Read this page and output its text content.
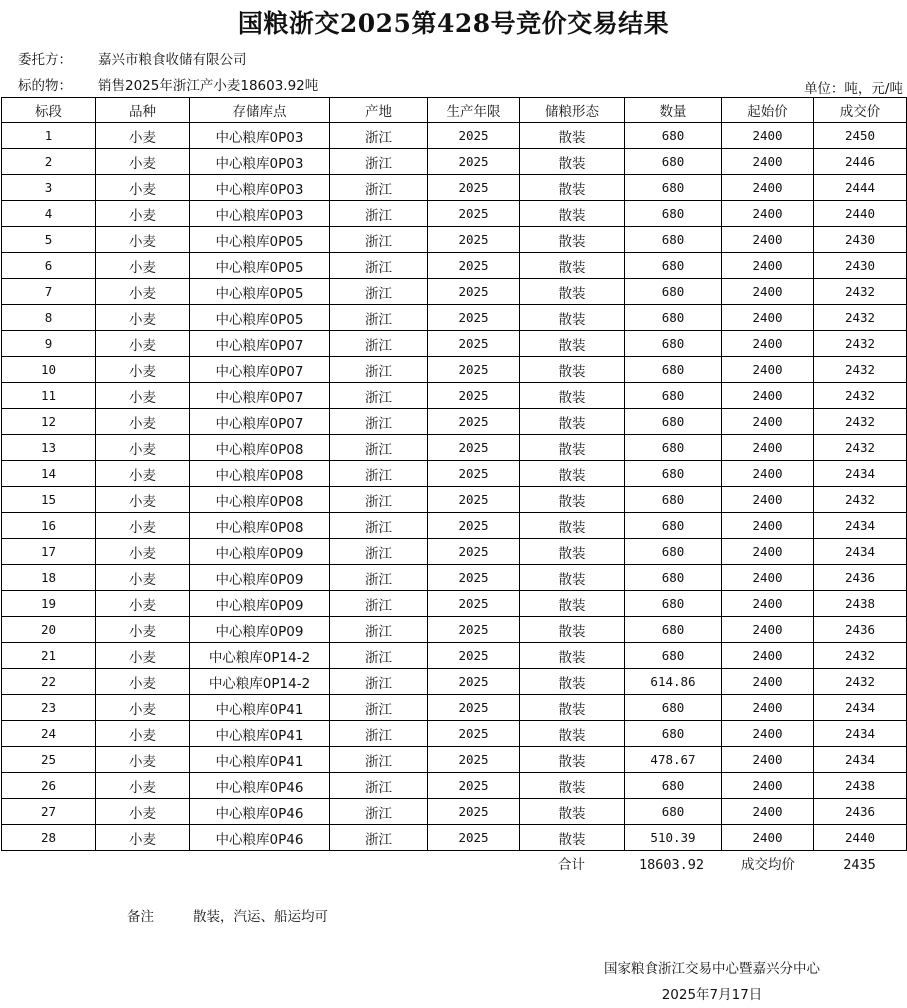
国粮浙交2025第428号竞价交易结果
委托方： 嘉兴市粮食收储有限公司
标的物： 销售2025年浙江产小麦18603.92吨	单位：吨，元/吨
标段	品种	存储库点	产地	生产年限	储粮形态	数量	起始价	成交价
1	小麦	中心粮库0P03	浙江	2025	散装	680	2400	2450
2	小麦	中心粮库0P03	浙江	2025	散装	680	2400	2446
3	小麦	中心粮库0P03	浙江	2025	散装	680	2400	2444
4	小麦	中心粮库0P03	浙江	2025	散装	680	2400	2440
5	小麦	中心粮库0P05	浙江	2025	散装	680	2400	2430
6	小麦	中心粮库0P05	浙江	2025	散装	680	2400	2430
7	小麦	中心粮库0P05	浙江	2025	散装	680	2400	2432
8	小麦	中心粮库0P05	浙江	2025	散装	680	2400	2432
9	小麦	中心粮库0P07	浙江	2025	散装	680	2400	2432
10	小麦	中心粮库0P07	浙江	2025	散装	680	2400	2432
11	小麦	中心粮库0P07	浙江	2025	散装	680	2400	2432
12	小麦	中心粮库0P07	浙江	2025	散装	680	2400	2432
13	小麦	中心粮库0P08	浙江	2025	散装	680	2400	2432
14	小麦	中心粮库0P08	浙江	2025	散装	680	2400	2434
15	小麦	中心粮库0P08	浙江	2025	散装	680	2400	2432
16	小麦	中心粮库0P08	浙江	2025	散装	680	2400	2434
17	小麦	中心粮库0P09	浙江	2025	散装	680	2400	2434
18	小麦	中心粮库0P09	浙江	2025	散装	680	2400	2436
19	小麦	中心粮库0P09	浙江	2025	散装	680	2400	2438
20	小麦	中心粮库0P09	浙江	2025	散装	680	2400	2436
21	小麦	中心粮库0P14-2	浙江	2025	散装	680	2400	2432
22	小麦	中心粮库0P14-2	浙江	2025	散装	614.86	2400	2432
23	小麦	中心粮库0P41	浙江	2025	散装	680	2400	2434
24	小麦	中心粮库0P41	浙江	2025	散装	680	2400	2434
25	小麦	中心粮库0P41	浙江	2025	散装	478.67	2400	2434
26	小麦	中心粮库0P46	浙江	2025	散装	680	2400	2438
27	小麦	中心粮库0P46	浙江	2025	散装	680	2400	2436
28	小麦	中心粮库0P46	浙江	2025	散装	510.39	2400	2440
合计	18603.92	成交均价	2435
备注	散装，汽运、船运均可
国家粮食浙江交易中心暨嘉兴分中心
2025年7月17日
